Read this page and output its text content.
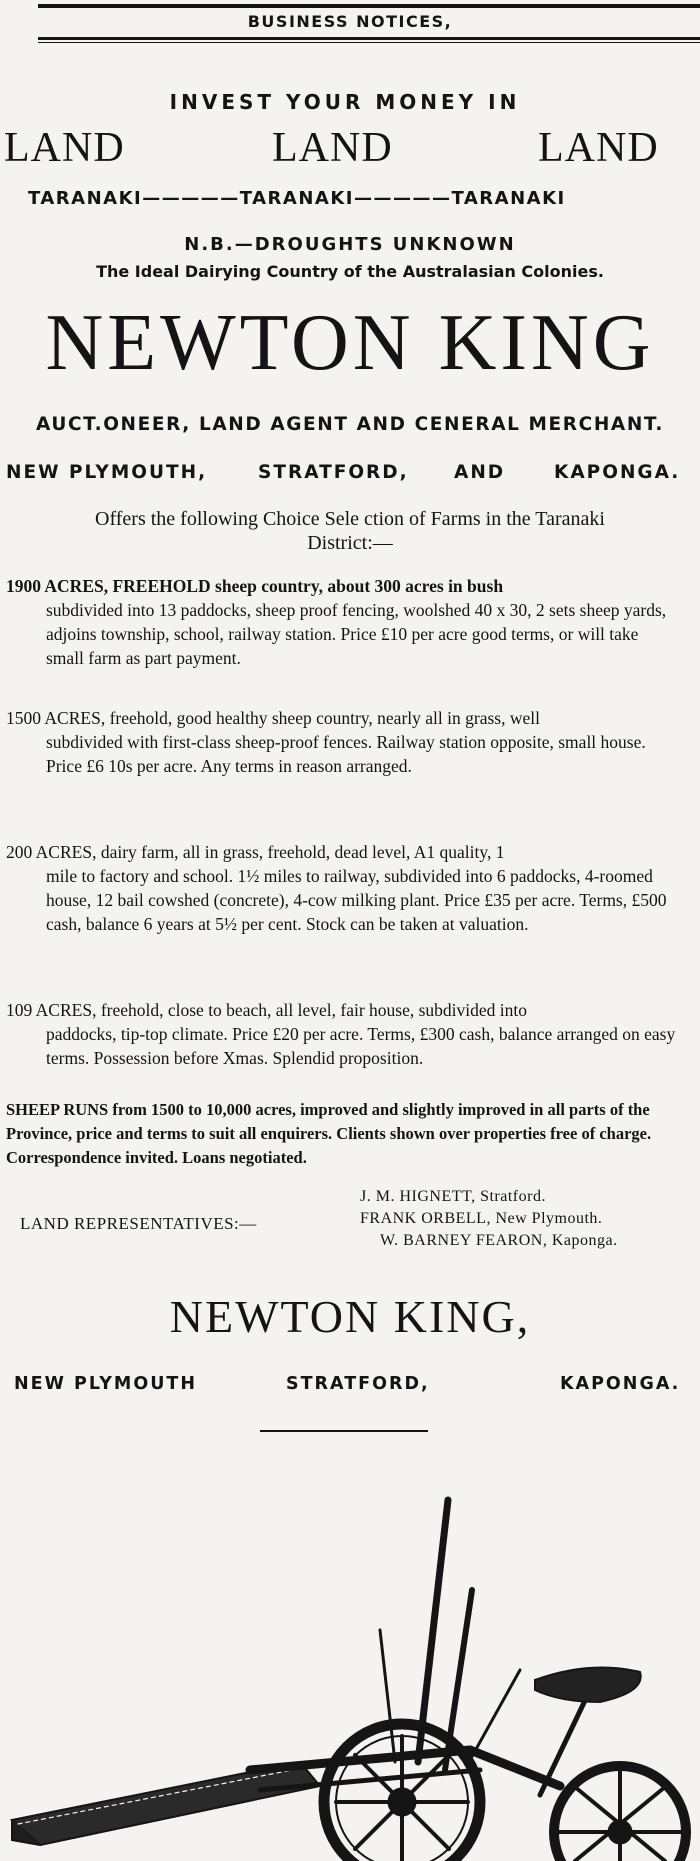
BUSINESS NOTICES,
INVEST YOUR MONEY IN
LAND	LAND	LAND
TARANAKI—————TARANAKI—————TARANAKI
N.B.—DROUGHTS UNKNOWN
The Ideal Dairying Country of the Australasian Colonies.
NEWTON KING
AUCT.ONEER, LAND AGENT AND CENERAL MERCHANT.
NEW PLYMOUTH,	STRATFORD, AND	KAPONGA.
Offers the following Choice Sele ction of Farms in the Taranaki
District:—
1900 ACRES, FREEHOLD sheep country, about 300 acres in bush
subdivided into 13 paddocks, sheep proof fencing, woolshed 40 x 30, 2 sets sheep yards, adjoins township, school, railway station. Price £10 per acre good terms, or will take small farm as part payment.
1500 ACRES, freehold, good healthy sheep country, nearly all in grass, well
subdivided with first-class sheep-proof fences. Railway station opposite, small house. Price £6 10s per acre. Any terms in reason arranged.
200 ACRES, dairy farm, all in grass, freehold, dead level, A1 quality, 1
mile to factory and school. 1½ miles to railway, subdivided into 6 paddocks, 4-roomed house, 12 bail cowshed (concrete), 4-cow milking plant. Price £35 per acre. Terms, £500 cash, balance 6 years at 5½ per cent. Stock can be taken at valuation.
109 ACRES, freehold, close to beach, all level, fair house, subdivided into
paddocks, tip-top climate. Price £20 per acre. Terms, £300 cash, balance arranged on easy terms. Possession before Xmas. Splendid proposition.
SHEEP RUNS from 1500 to 10,000 acres, improved and slightly improved in all parts of the Province, price and terms to suit all enquirers. Clients shown over properties free of charge. Correspondence invited. Loans negotiated.
LAND REPRESENTATIVES:—
J. M. HIGNETT, Stratford.
FRANK ORBELL, New Plymouth.
W. BARNEY FEARON, Kaponga.
NEWTON KING,
NEW PLYMOUTH	STRATFORD,	KAPONGA.
